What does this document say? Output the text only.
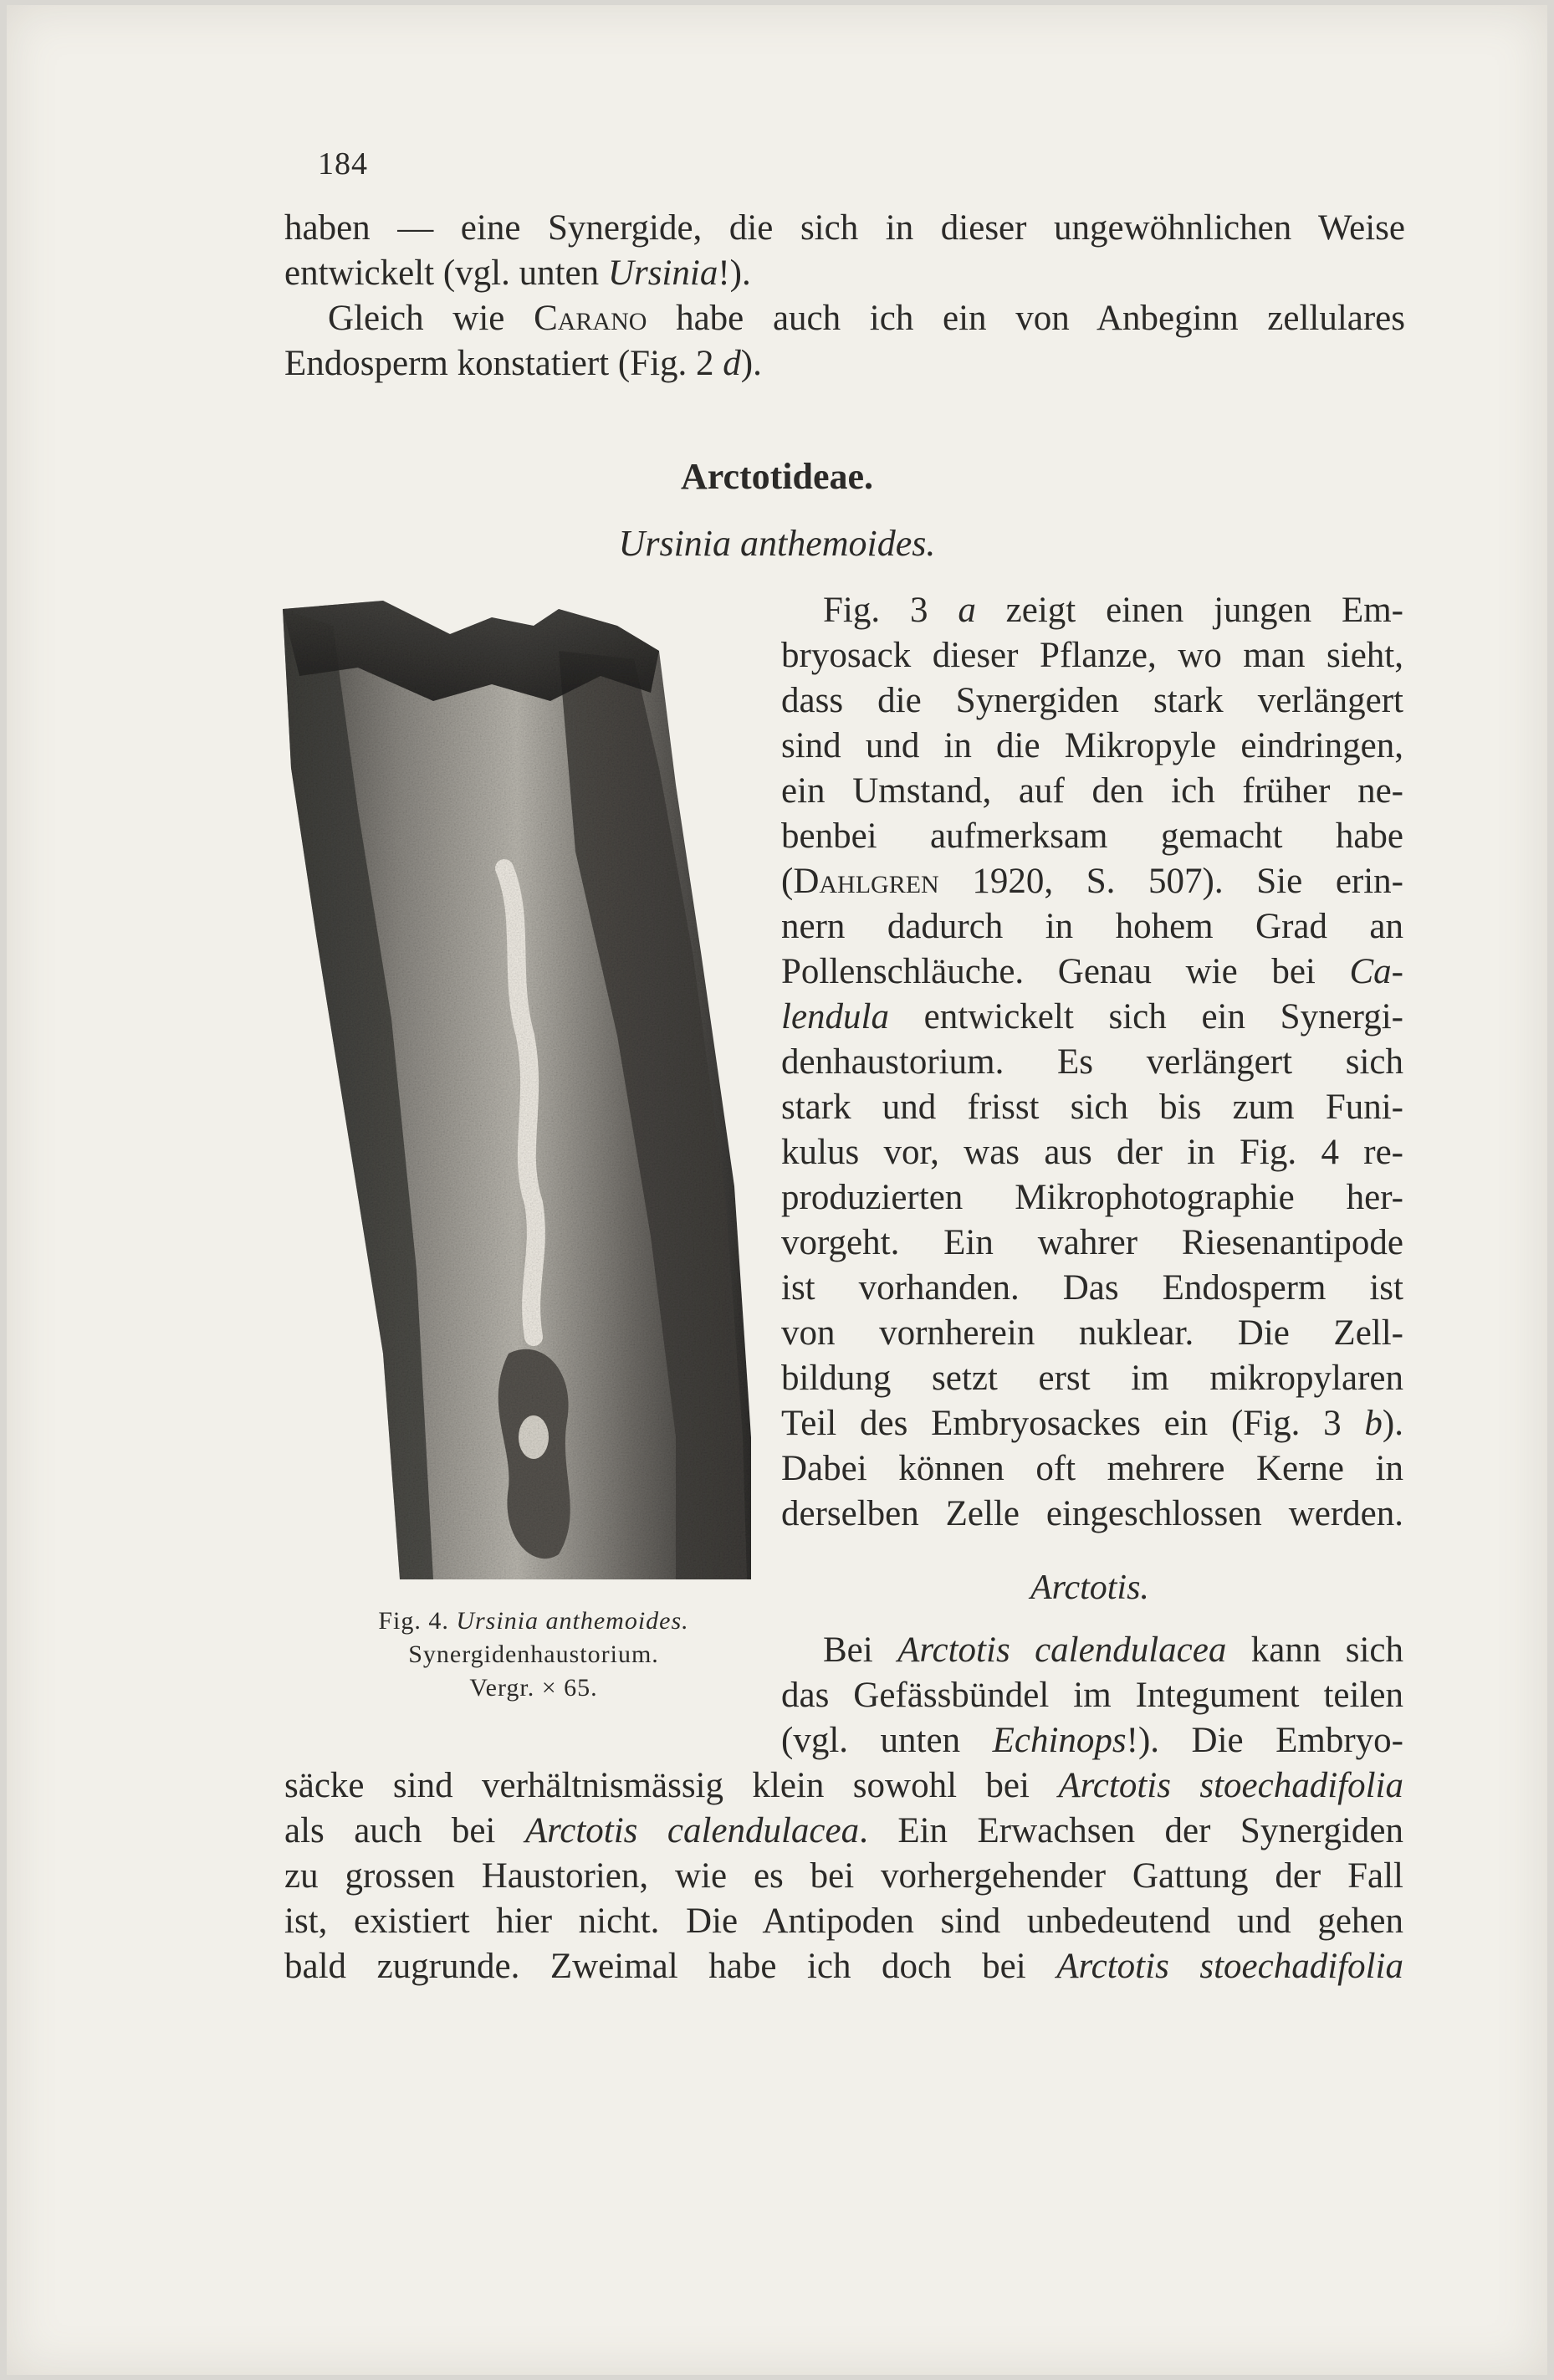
184
haben — eine Synergide, die sich in dieser ungewöhnlichen Weise
entwickelt (vgl. unten Ursinia!).
Gleich wie Carano habe auch ich ein von Anbeginn zellulares
Endosperm konstatiert (Fig. 2 d).
Arctotideae.
Ursinia anthemoides.
Fig. 3 a zeigt einen jungen Em-
bryosack dieser Pflanze, wo man sieht,
dass die Synergiden stark verlängert
sind und in die Mikropyle eindringen,
ein Umstand, auf den ich früher ne-
benbei aufmerksam gemacht habe
(Dahlgren 1920, S. 507). Sie erin-
nern dadurch in hohem Grad an
Pollenschläuche. Genau wie bei Ca-
lendula entwickelt sich ein Synergi-
denhaustorium. Es verlängert sich
stark und frisst sich bis zum Funi-
kulus vor, was aus der in Fig. 4 re-
produzierten Mikrophotographie her-
vorgeht. Ein wahrer Riesenantipode
ist vorhanden. Das Endosperm ist
von vornherein nuklear. Die Zell-
bildung setzt erst im mikropylaren
Teil des Embryosackes ein (Fig. 3 b).
Dabei können oft mehrere Kerne in
derselben Zelle eingeschlossen werden.
Fig. 4. Ursinia anthemoides.
Synergidenhaustorium.
Vergr. × 65.
Arctotis.
Bei Arctotis calendulacea kann sich
das Gefässbündel im Integument teilen
(vgl. unten Echinops!). Die Embryo-
säcke sind verhältnismässig klein sowohl bei Arctotis stoechadifolia
als auch bei Arctotis calendulacea. Ein Erwachsen der Synergiden
zu grossen Haustorien, wie es bei vorhergehender Gattung der Fall
ist, existiert hier nicht. Die Antipoden sind unbedeutend und gehen
bald zugrunde. Zweimal habe ich doch bei Arctotis stoechadifolia
